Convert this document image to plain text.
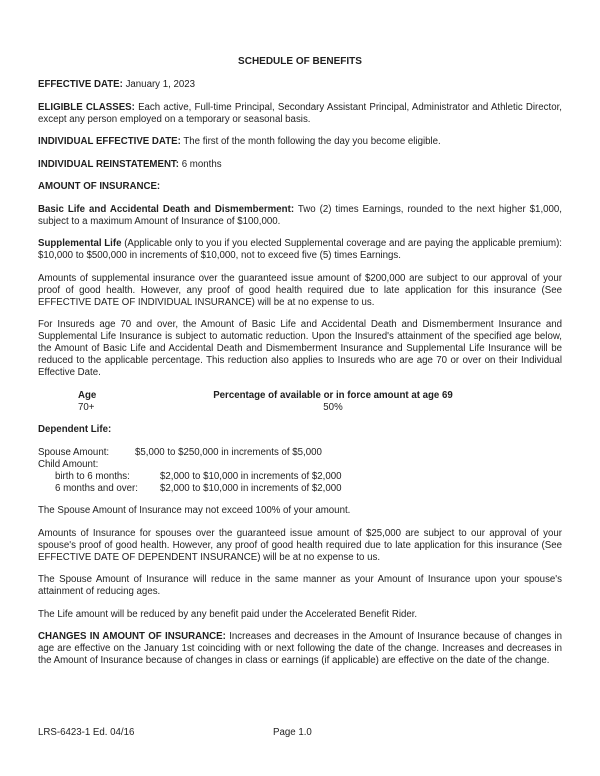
SCHEDULE OF BENEFITS

EFFECTIVE DATE: January 1, 2023

ELIGIBLE CLASSES: Each active, Full-time Principal, Secondary Assistant Principal, Administrator and Athletic Director, except any person employed on a temporary or seasonal basis.

INDIVIDUAL EFFECTIVE DATE: The first of the month following the day you become eligible.

INDIVIDUAL REINSTATEMENT: 6 months

AMOUNT OF INSURANCE:

Basic Life and Accidental Death and Dismemberment: Two (2) times Earnings, rounded to the next higher $1,000, subject to a maximum Amount of Insurance of $100,000.

Supplemental Life (Applicable only to you if you elected Supplemental coverage and are paying the applicable premium): $10,000 to $500,000 in increments of $10,000, not to exceed five (5) times Earnings.

Amounts of supplemental insurance over the guaranteed issue amount of $200,000 are subject to our approval of your proof of good health. However, any proof of good health required due to late application for this insurance (See EFFECTIVE DATE OF INDIVIDUAL INSURANCE) will be at no expense to us.

For Insureds age 70 and over, the Amount of Basic Life and Accidental Death and Dismemberment Insurance and Supplemental Life Insurance is subject to automatic reduction. Upon the Insured's attainment of the specified age below, the Amount of Basic Life and Accidental Death and Dismemberment Insurance and Supplemental Life Insurance will be reduced to the applicable percentage. This reduction also applies to Insureds who are age 70 or over on their Individual Effective Date.

Age	Percentage of available or in force amount at age 69
70+	50%
Dependent Life:
Spouse Amount:	$5,000 to $250,000 in increments of $5,000
Child Amount:
birth to 6 months:	$2,000 to $10,000 in increments of $2,000
6 months and over:	$2,000 to $10,000 in increments of $2,000

The Spouse Amount of Insurance may not exceed 100% of your amount.

Amounts of Insurance for spouses over the guaranteed issue amount of $25,000 are subject to our approval of your spouse's proof of good health. However, any proof of good health required due to late application for this insurance (See EFFECTIVE DATE OF DEPENDENT INSURANCE) will be at no expense to us.

The Spouse Amount of Insurance will reduce in the same manner as your Amount of Insurance upon your spouse's attainment of reducing ages.

The Life amount will be reduced by any benefit paid under the Accelerated Benefit Rider.

CHANGES IN AMOUNT OF INSURANCE: Increases and decreases in the Amount of Insurance because of changes in age are effective on the January 1st coinciding with or next following the date of the change. Increases and decreases in the Amount of Insurance because of changes in class or earnings (if applicable) are effective on the date of the change.

LRS-6423-1 Ed. 04/16	Page 1.0
